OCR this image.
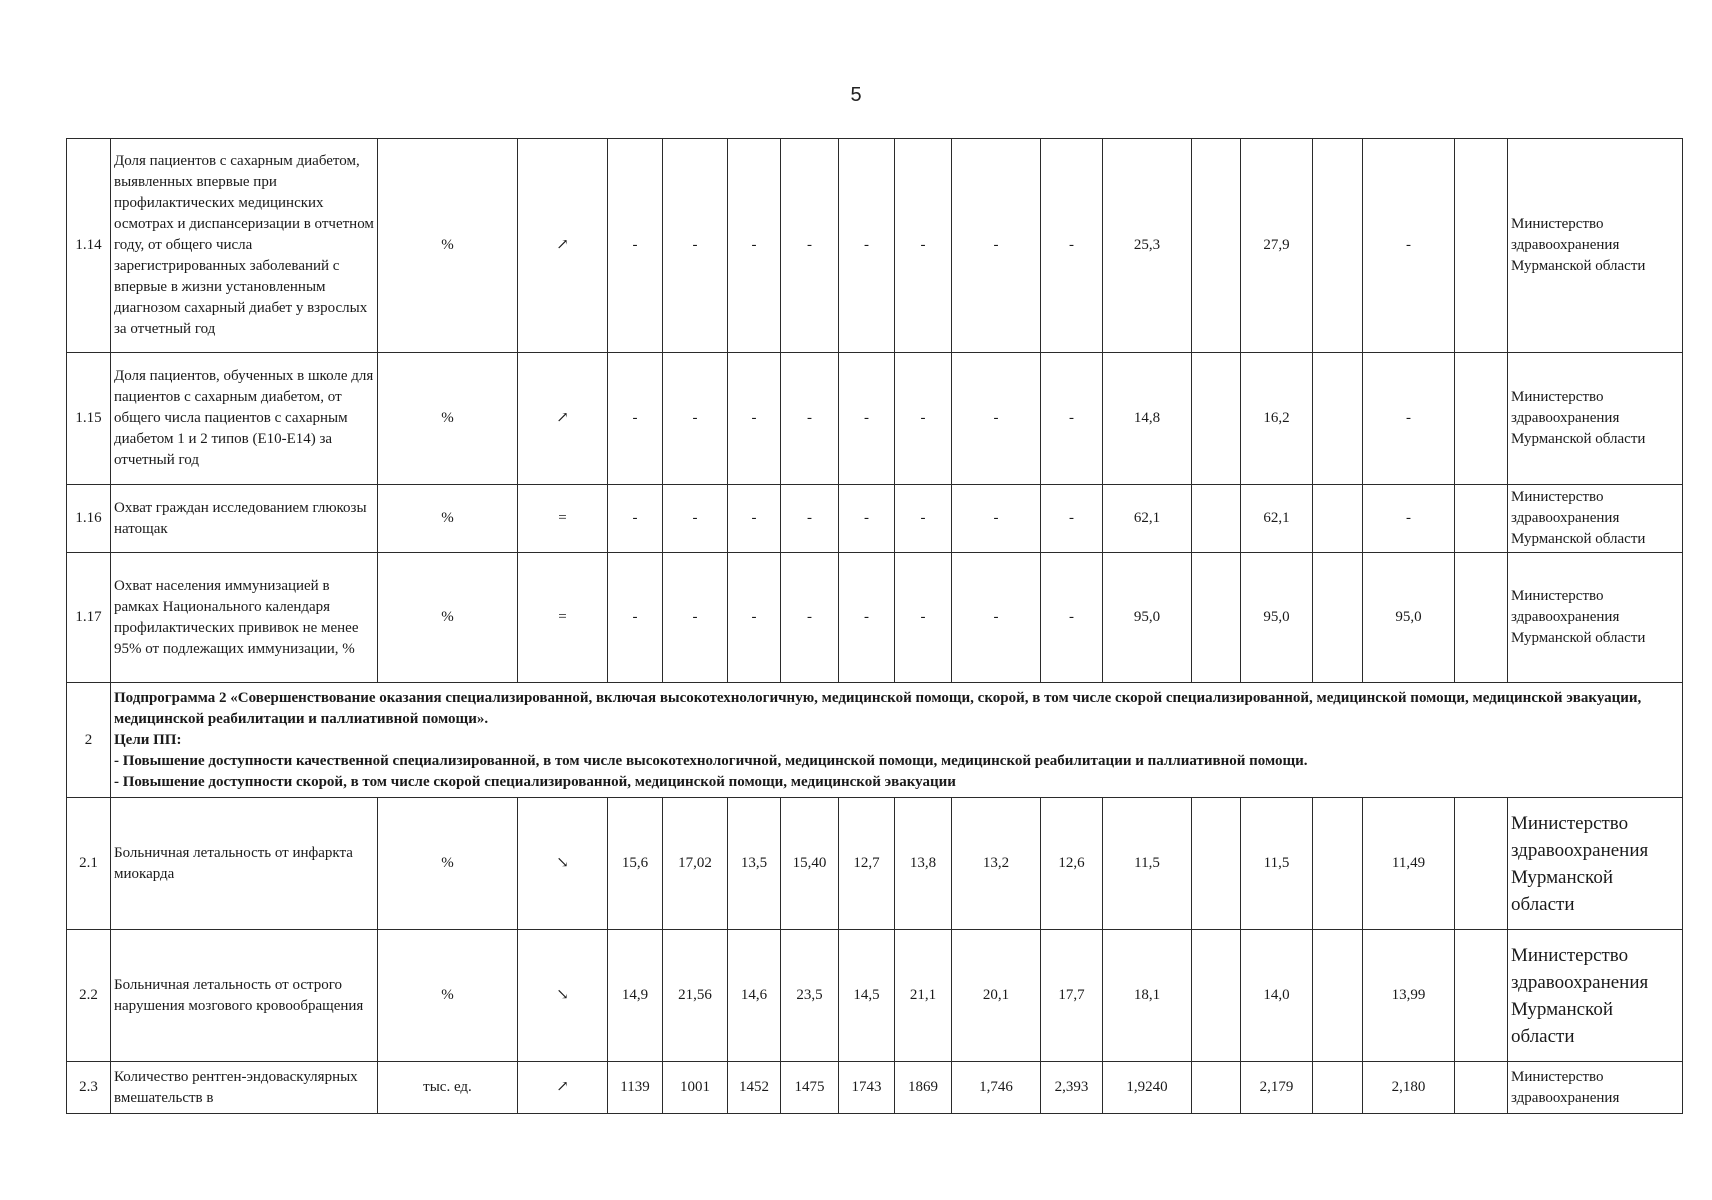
5
1.14	Доля пациентов с сахарным диабетом, выявленных впервые при профилактических медицинских осмотрах и диспансеризации в отчетном году, от общего числа зарегистрированных заболеваний с впервые в жизни установленным диагнозом сахарный диабет у взрослых за отчетный год	%	↗	-	-	-	-	-	-	-	-	25,3		27,9		-		Министерство здравоохранения Мурманской области
1.15	Доля пациентов, обученных в школе для пациентов с сахарным диабетом, от общего числа пациентов с сахарным диабетом 1 и 2 типов (Е10-Е14) за отчетный год	%	↗	-	-	-	-	-	-	-	-	14,8		16,2		-		Министерство здравоохранения Мурманской области
1.16	Охват граждан исследованием глюкозы натощак	%	=	-	-	-	-	-	-	-	-	62,1		62,1		-		Министерство здравоохранения Мурманской области
1.17	Охват населения иммунизацией в рамках Национального календаря профилактических прививок не менее 95% от подлежащих иммунизации, %	%	=	-	-	-	-	-	-	-	-	95,0		95,0		95,0		Министерство здравоохранения Мурманской области
2	Подпрограмма 2 «Совершенствование оказания специализированной, включая высокотехнологичную, медицинской помощи, скорой, в том числе скорой специализированной, медицинской помощи, медицинской эвакуации, медицинской реабилитации и паллиативной помощи».
Цели ПП:
- Повышение доступности качественной специализированной, в том числе высокотехнологичной, медицинской помощи, медицинской реабилитации и паллиативной помощи.
- Повышение доступности скорой, в том числе скорой специализированной, медицинской помощи, медицинской эвакуации																	

2.1	Больничная летальность от инфаркта миокарда	%	↘	15,6	17,02	13,5	15,40	12,7	13,8	13,2	12,6	11,5		11,5		11,49		Министерство здравоохранения Мурманской области
2.2	Больничная летальность от острого нарушения мозгового кровообращения	%	↘	14,9	21,56	14,6	23,5	14,5	21,1	20,1	17,7	18,1		14,0		13,99		Министерство здравоохранения Мурманской области
2.3	Количество рентген-эндоваскулярных вмешательств в	тыс. ед.	↗	1139	1001	1452	1475	1743	1869	1,746	2,393	1,9240		2,179		2,180		Министерство здравоохранения
